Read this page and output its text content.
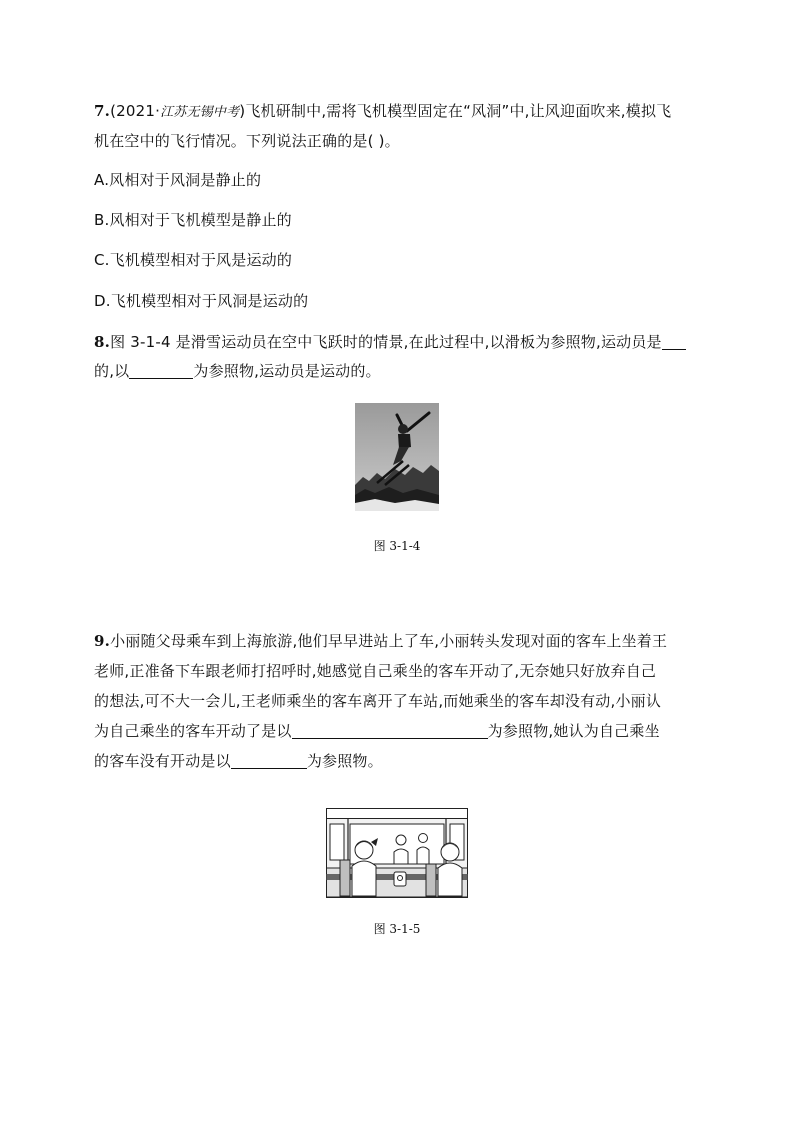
7.(2021·江苏无锡中考)飞机研制中,需将飞机模型固定在“风洞”中,让风迎面吹来,模拟飞

机在空中的飞行情况。下列说法正确的是( )。

A.风相对于风洞是静止的

B.风相对于飞机模型是静止的

C.飞机模型相对于风是运动的

D.飞机模型相对于风洞是运动的

8.图 3-1-4 是滑雪运动员在空中飞跃时的情景,在此过程中,以滑板为参照物,运动员是

的,以	为参照物,运动员是运动的。

图 3-1-4

9.小丽随父母乘车到上海旅游,他们早早进站上了车,小丽转头发现对面的客车上坐着王

老师,正准备下车跟老师打招呼时,她感觉自己乘坐的客车开动了,无奈她只好放弃自己

的想法,可不大一会儿,王老师乘坐的客车离开了车站,而她乘坐的客车却没有动,小丽认

为自己乘坐的客车开动了是以	为参照物,她认为自己乘坐

的客车没有开动是以	为参照物。

图 3-1-5
